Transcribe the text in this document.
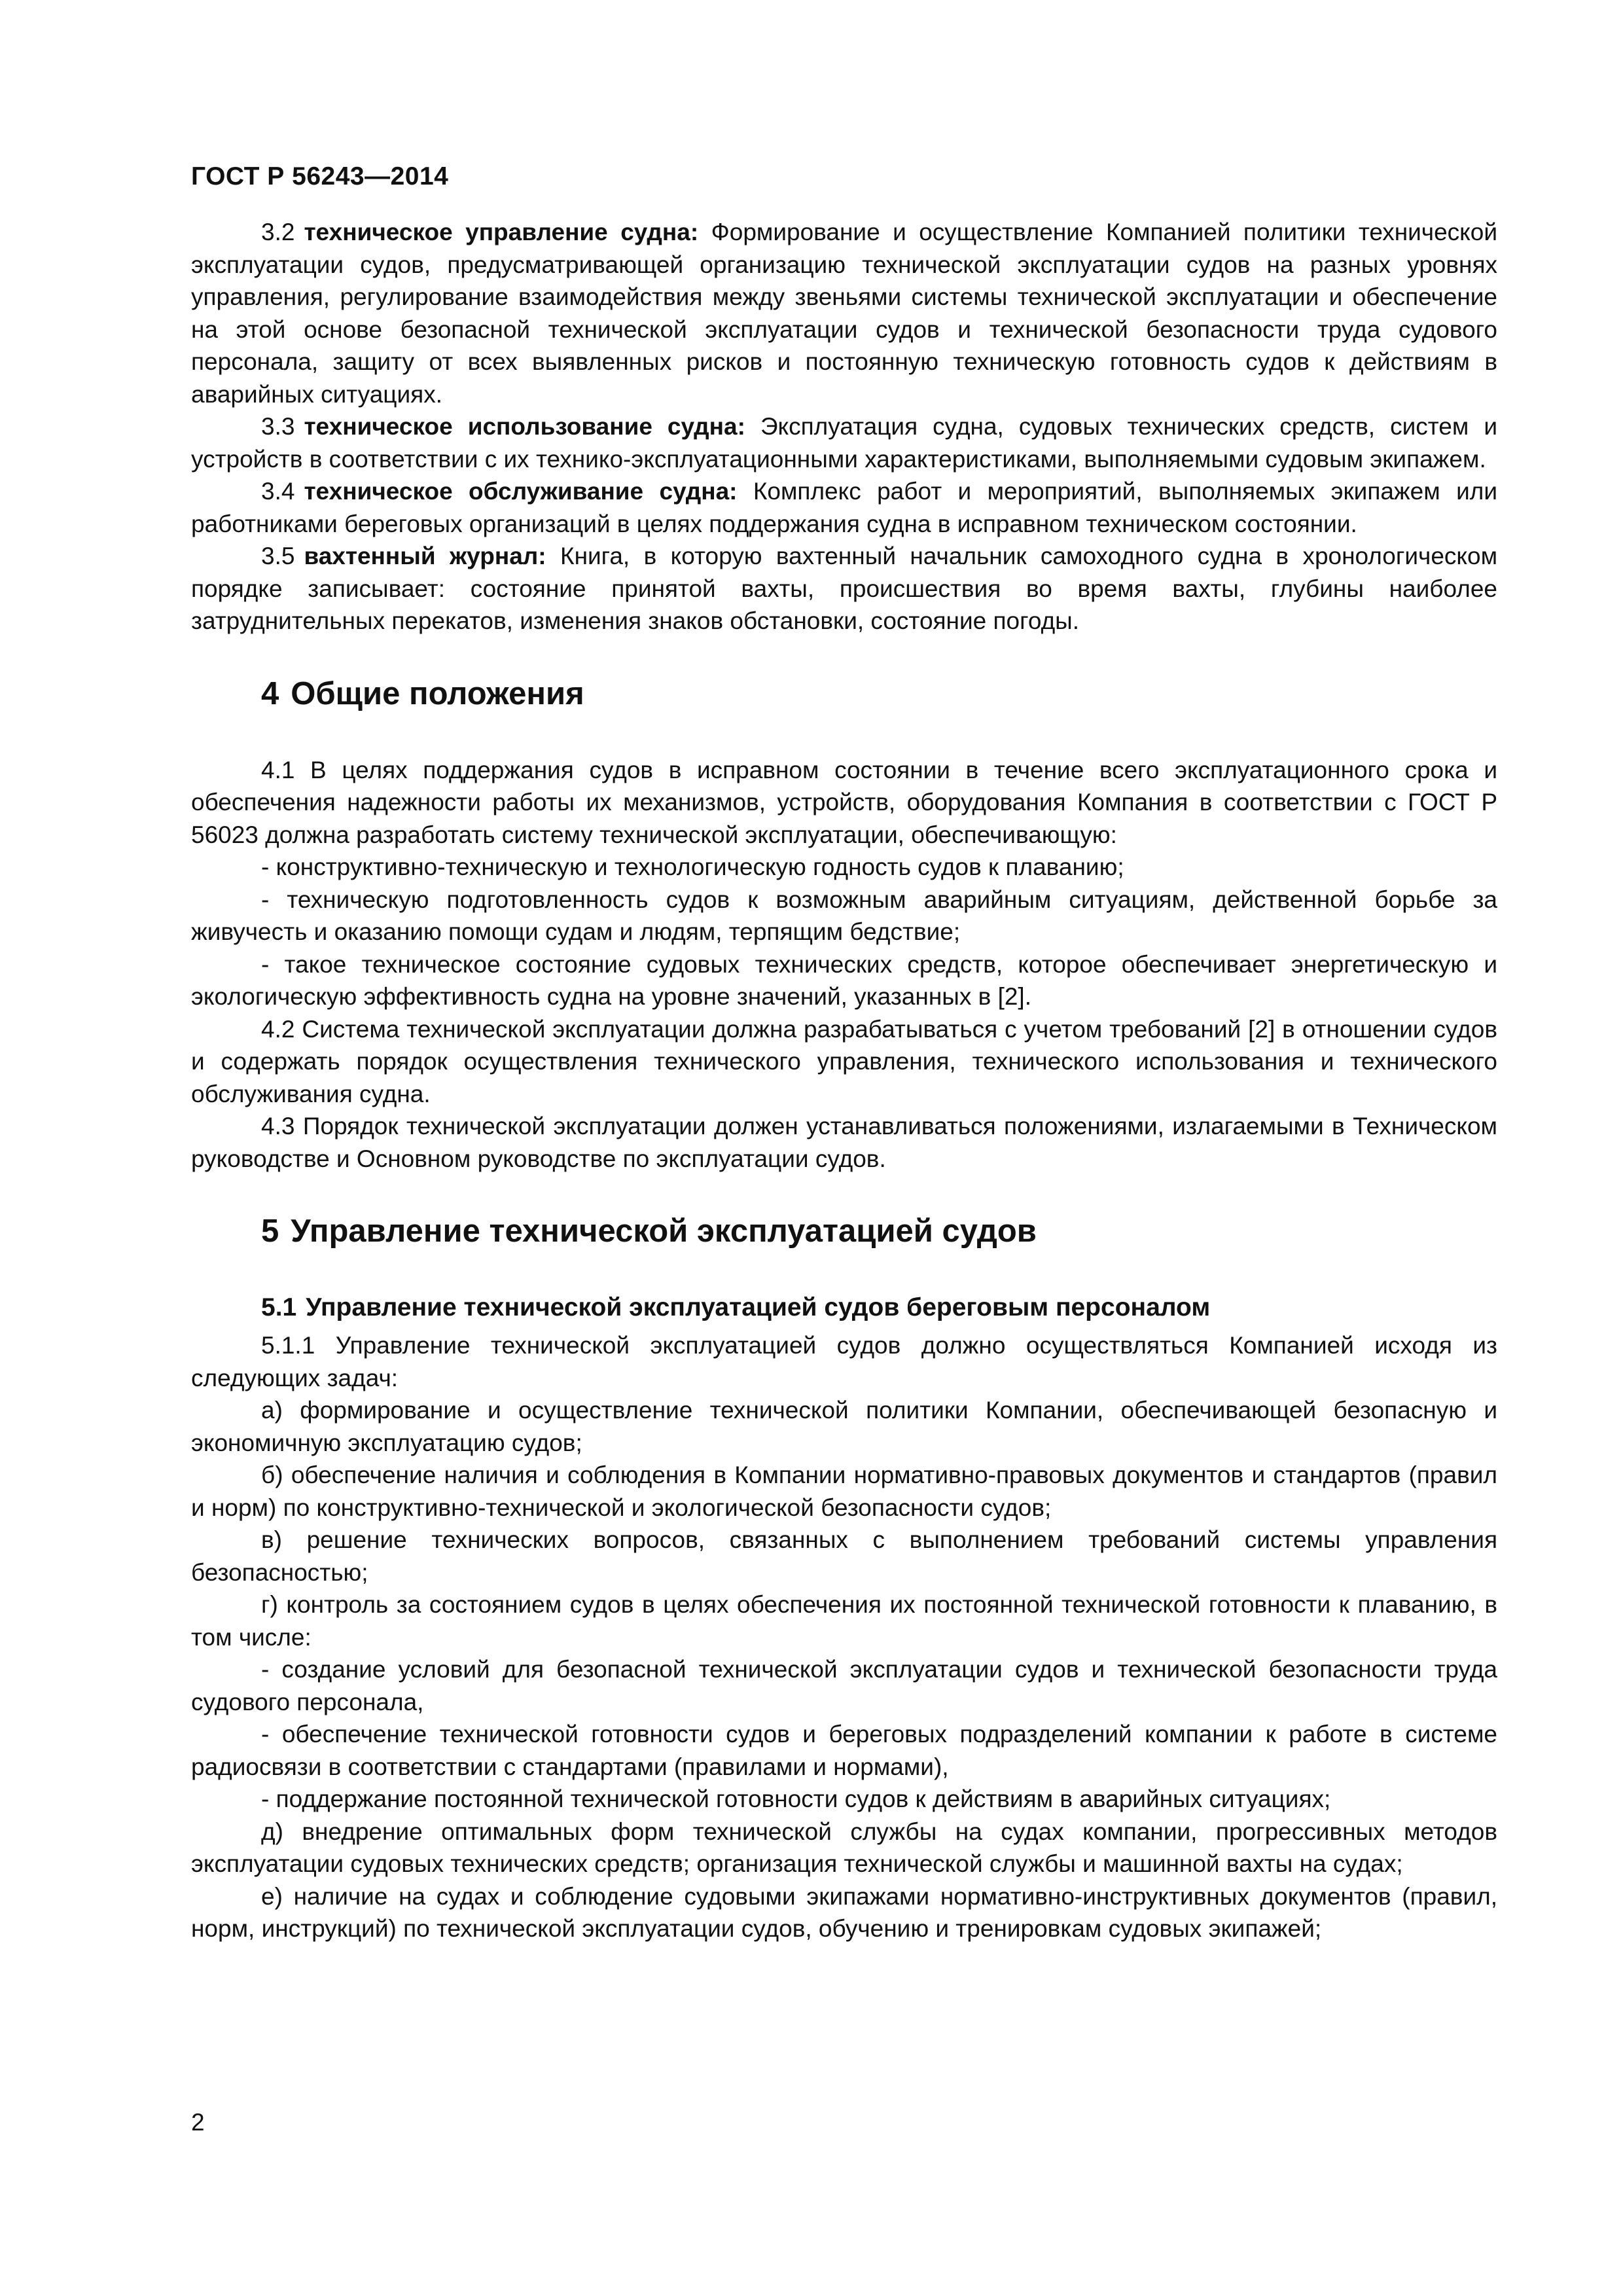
ГОСТ Р 56243—2014

3.2 техническое управление судна: Формирование и осуществление Компанией политики технической эксплуатации судов, предусматривающей организацию технической эксплуатации судов на разных уровнях управления, регулирование взаимодействия между звеньями системы технической эксплуатации и обеспечение на этой основе безопасной технической эксплуатации судов и технической безопасности труда судового персонала, защиту от всех выявленных рисков и постоянную техническую готовность судов к действиям в аварийных ситуациях.

3.3 техническое использование судна: Эксплуатация судна, судовых технических средств, систем и устройств в соответствии с их технико-эксплуатационными характеристиками, выполняемыми судовым экипажем.

3.4 техническое обслуживание судна: Комплекс работ и мероприятий, выполняемых экипажем или работниками береговых организаций в целях поддержания судна в исправном техническом состоянии.

3.5 вахтенный журнал: Книга, в которую вахтенный начальник самоходного судна в хронологическом порядке записывает: состояние принятой вахты, происшествия во время вахты, глубины наиболее затруднительных перекатов, изменения знаков обстановки, состояние погоды.

4 Общие положения

4.1 В целях поддержания судов в исправном состоянии в течение всего эксплуатационного срока и обеспечения надежности работы их механизмов, устройств, оборудования Компания в соответствии с ГОСТ Р 56023 должна разработать систему технической эксплуатации, обеспечивающую:

- конструктивно-техническую и технологическую годность судов к плаванию;

- техническую подготовленность судов к возможным аварийным ситуациям, действенной борьбе за живучесть и оказанию помощи судам и людям, терпящим бедствие;

- такое техническое состояние судовых технических средств, которое обеспечивает энергетическую и экологическую эффективность судна на уровне значений, указанных в [2].

4.2 Система технической эксплуатации должна разрабатываться с учетом требований [2] в отношении судов и содержать порядок осуществления технического управления, технического использования и технического обслуживания судна.

4.3 Порядок технической эксплуатации должен устанавливаться положениями, излагаемыми в Техническом руководстве и Основном руководстве по эксплуатации судов.

5 Управление технической эксплуатацией судов
5.1 Управление технической эксплуатацией судов береговым персоналом

5.1.1 Управление технической эксплуатацией судов должно осуществляться Компанией исходя из следующих задач:

а) формирование и осуществление технической политики Компании, обеспечивающей безопасную и экономичную эксплуатацию судов;

б) обеспечение наличия и соблюдения в Компании нормативно-правовых документов и стандартов (правил и норм) по конструктивно-технической и экологической безопасности судов;

в) решение технических вопросов, связанных с выполнением требований системы управления безопасностью;

г) контроль за состоянием судов в целях обеспечения их постоянной технической готовности к плаванию, в том числе:

- создание условий для безопасной технической эксплуатации судов и технической безопасности труда судового персонала,

- обеспечение технической готовности судов и береговых подразделений компании к работе в системе радиосвязи в соответствии с стандартами (правилами и нормами),

- поддержание постоянной технической готовности судов к действиям в аварийных ситуациях;

д) внедрение оптимальных форм технической службы на судах компании, прогрессивных методов эксплуатации судовых технических средств; организация технической службы и машинной вахты на судах;

е) наличие на судах и соблюдение судовыми экипажами нормативно-инструктивных документов (правил, норм, инструкций) по технической эксплуатации судов, обучению и тренировкам судовых экипажей;

2
